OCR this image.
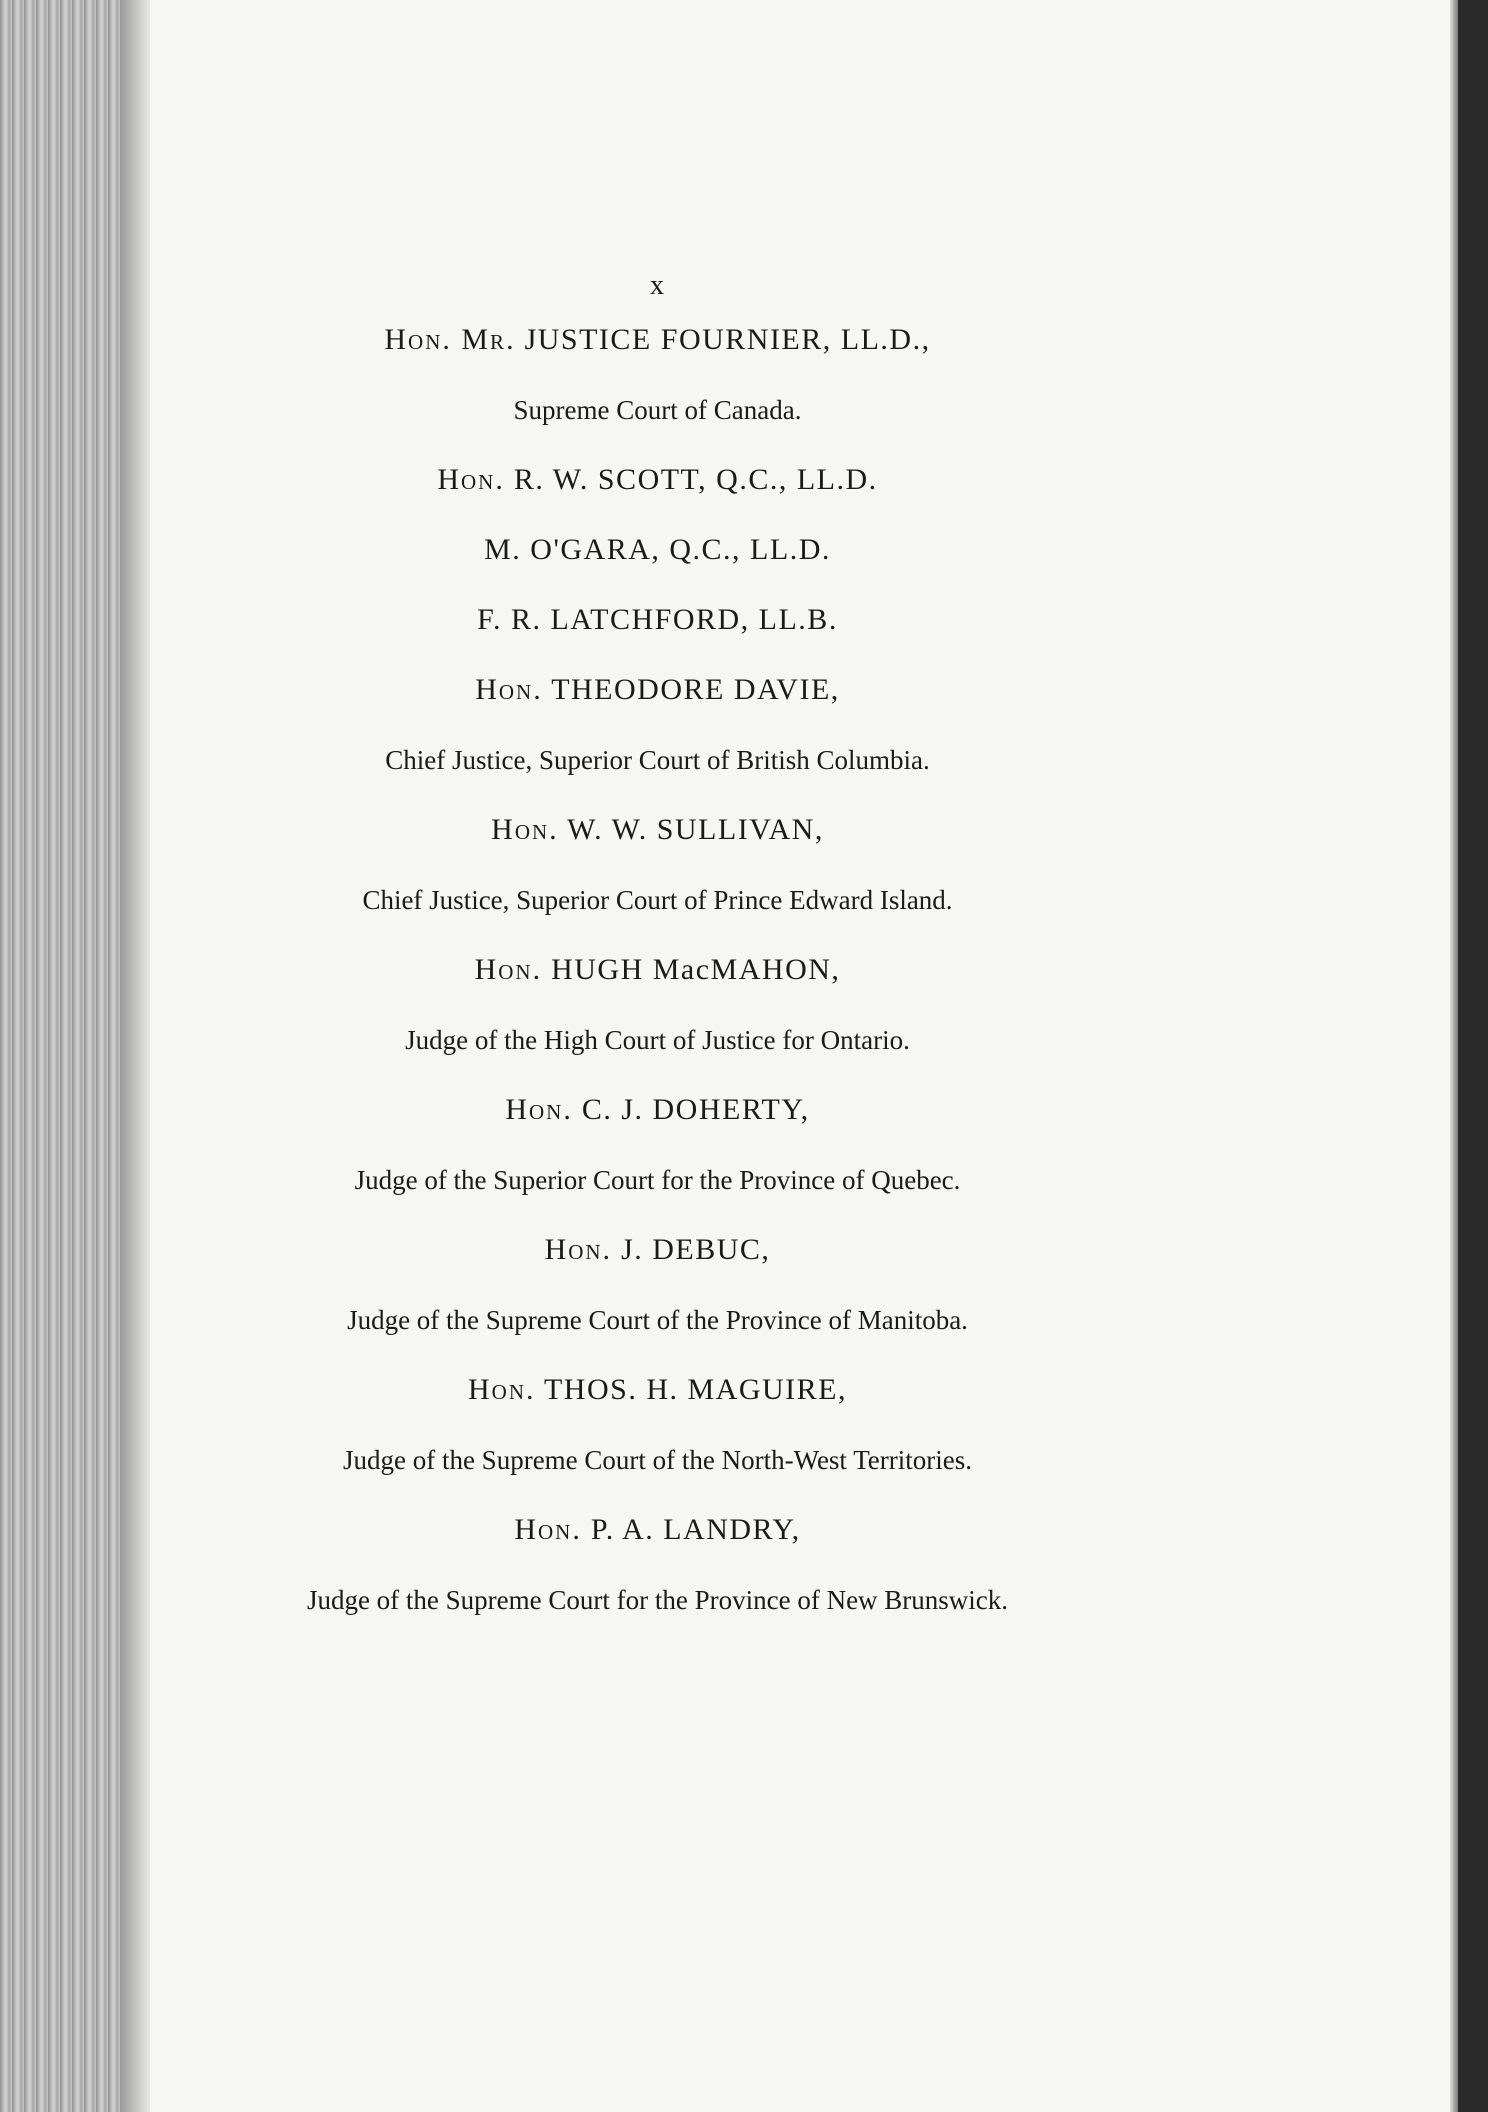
x

Hon. Mr. JUSTICE FOURNIER, LL.D.,

Supreme Court of Canada.

Hon. R. W. SCOTT, Q.C., LL.D.

M. O'GARA, Q.C., LL.D.

F. R. LATCHFORD, LL.B.

Hon. THEODORE DAVIE,

Chief Justice, Superior Court of British Columbia.

Hon. W. W. SULLIVAN,

Chief Justice, Superior Court of Prince Edward Island.

Hon. HUGH MacMAHON,

Judge of the High Court of Justice for Ontario.

Hon. C. J. DOHERTY,

Judge of the Superior Court for the Province of Quebec.

Hon. J. DEBUC,

Judge of the Supreme Court of the Province of Manitoba.

Hon. THOS. H. MAGUIRE,

Judge of the Supreme Court of the North-West Territories.

Hon. P. A. LANDRY,

Judge of the Supreme Court for the Province of New Brunswick.
